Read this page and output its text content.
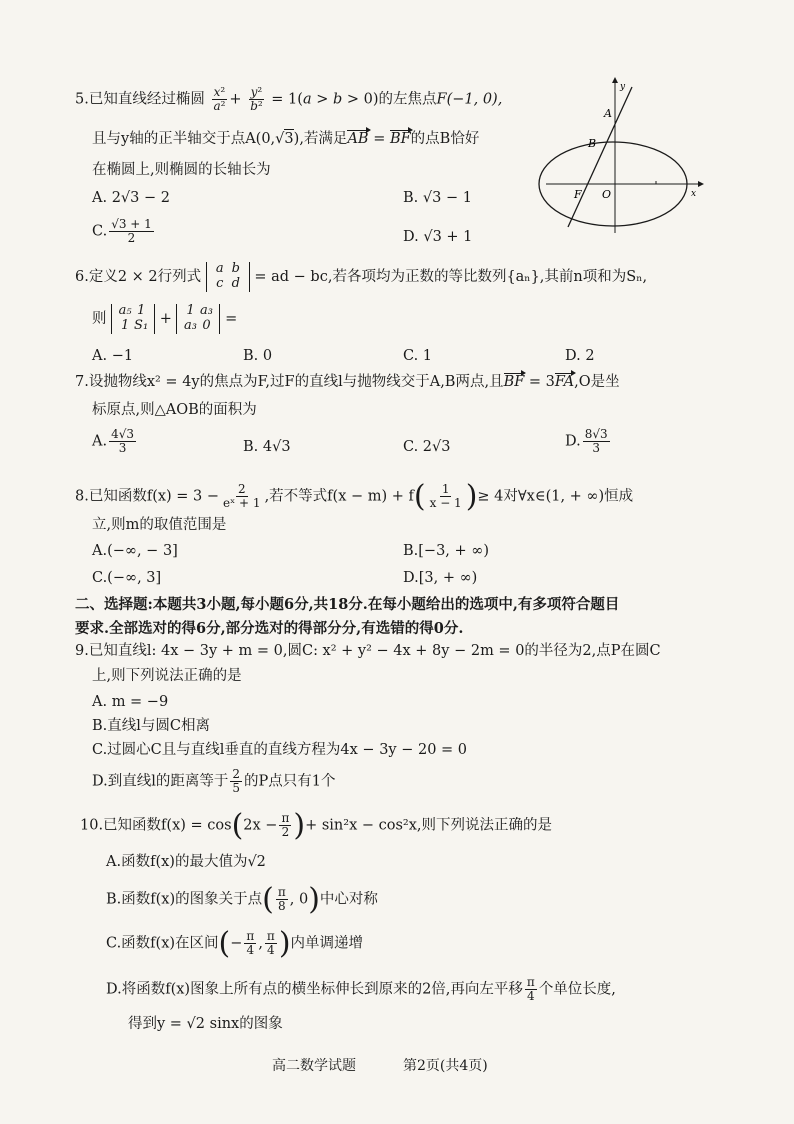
5.已知直线经过椭圆 $\frac{\text{x²}}{\text{a²}} + \frac{\text{y²}}{\text{b²}} = 1(a > b > 0)$的左焦点F(−1, 0),
且与y轴的正半轴交于点A(0,√3),若满足AB = BF的点B恰好
在椭圆上,则椭圆的长轴长为
A. 2√3 − 2	B. √3 − 1
C. $\frac{√3 + 1}{2}$	D. √3 + 1
y
x
A
B
F O
6.定义2 × 2行列式 a b
c d = ad − bc,若各项均为正数的等比数列{aₙ},其前n项和为Sₙ,
则 a₅ 1
1 S₁ + 1 a₃
a₃ 0 =
A. −1	B. 0	C. 1	D. 2
7.设抛物线x² = 4y的焦点为F,过F的直线l与抛物线交于A,B两点,且BF = 3FA,O是坐
标原点,则△AOB的面积为
A. $\frac{4√3}{3}$	B. 4√3	C. 2√3	D. $\frac{8√3}{3}$
8.已知函数$f(x) = 3 - \frac{2}{\text{eˣ + 1}}$ ,若不等式$f(x - m) + f( \frac{1}{x - 1}$ )≥ 4对∀x∈(1, + ∞)恒成
立,则m的取值范围是
A.(−∞, − 3]	B.[−3, + ∞)
C.(−∞, 3]	D.[3, + ∞)
二、选择题:本题共3小题,每小题6分,共18分.在每小题给出的选项中,有多项符合题目
要求.全部选对的得6分,部分选对的得部分分,有选错的得0分.
9.已知直线l: 4x − 3y + m = 0,圆C: x² + y² − 4x + 8y − 2m = 0的半径为2,点P在圆C
上,则下列说法正确的是
A. m = −9
B.直线l与圆C相离
C.过圆心C且与直线l垂直的直线方程为4x − 3y − 20 = 0
D.到直线l的距离等于 $\frac{2}{5}$ 的P点只有1个
10.已知函数$f(x) = \cos(2x - \frac{\pi}{2}$ )+ sin²x − cos²x,则下列说法正确的是
A.函数f(x)的最大值为√2
B.函数f(x)的图象关于点( $\frac{\pi}{8}$ , 0)中心对称
C.函数f(x)在区间(− $\frac{\pi}{4}$ , $\frac{\pi}{4}$ )内单调递增
D.将函数f(x)图象上所有点的横坐标伸长到原来的2倍,再向左平移 $\frac{\pi}{4}$ 个单位长度,
得到y = √2 sinx的图象
高二数学试题	第2页(共4页)
